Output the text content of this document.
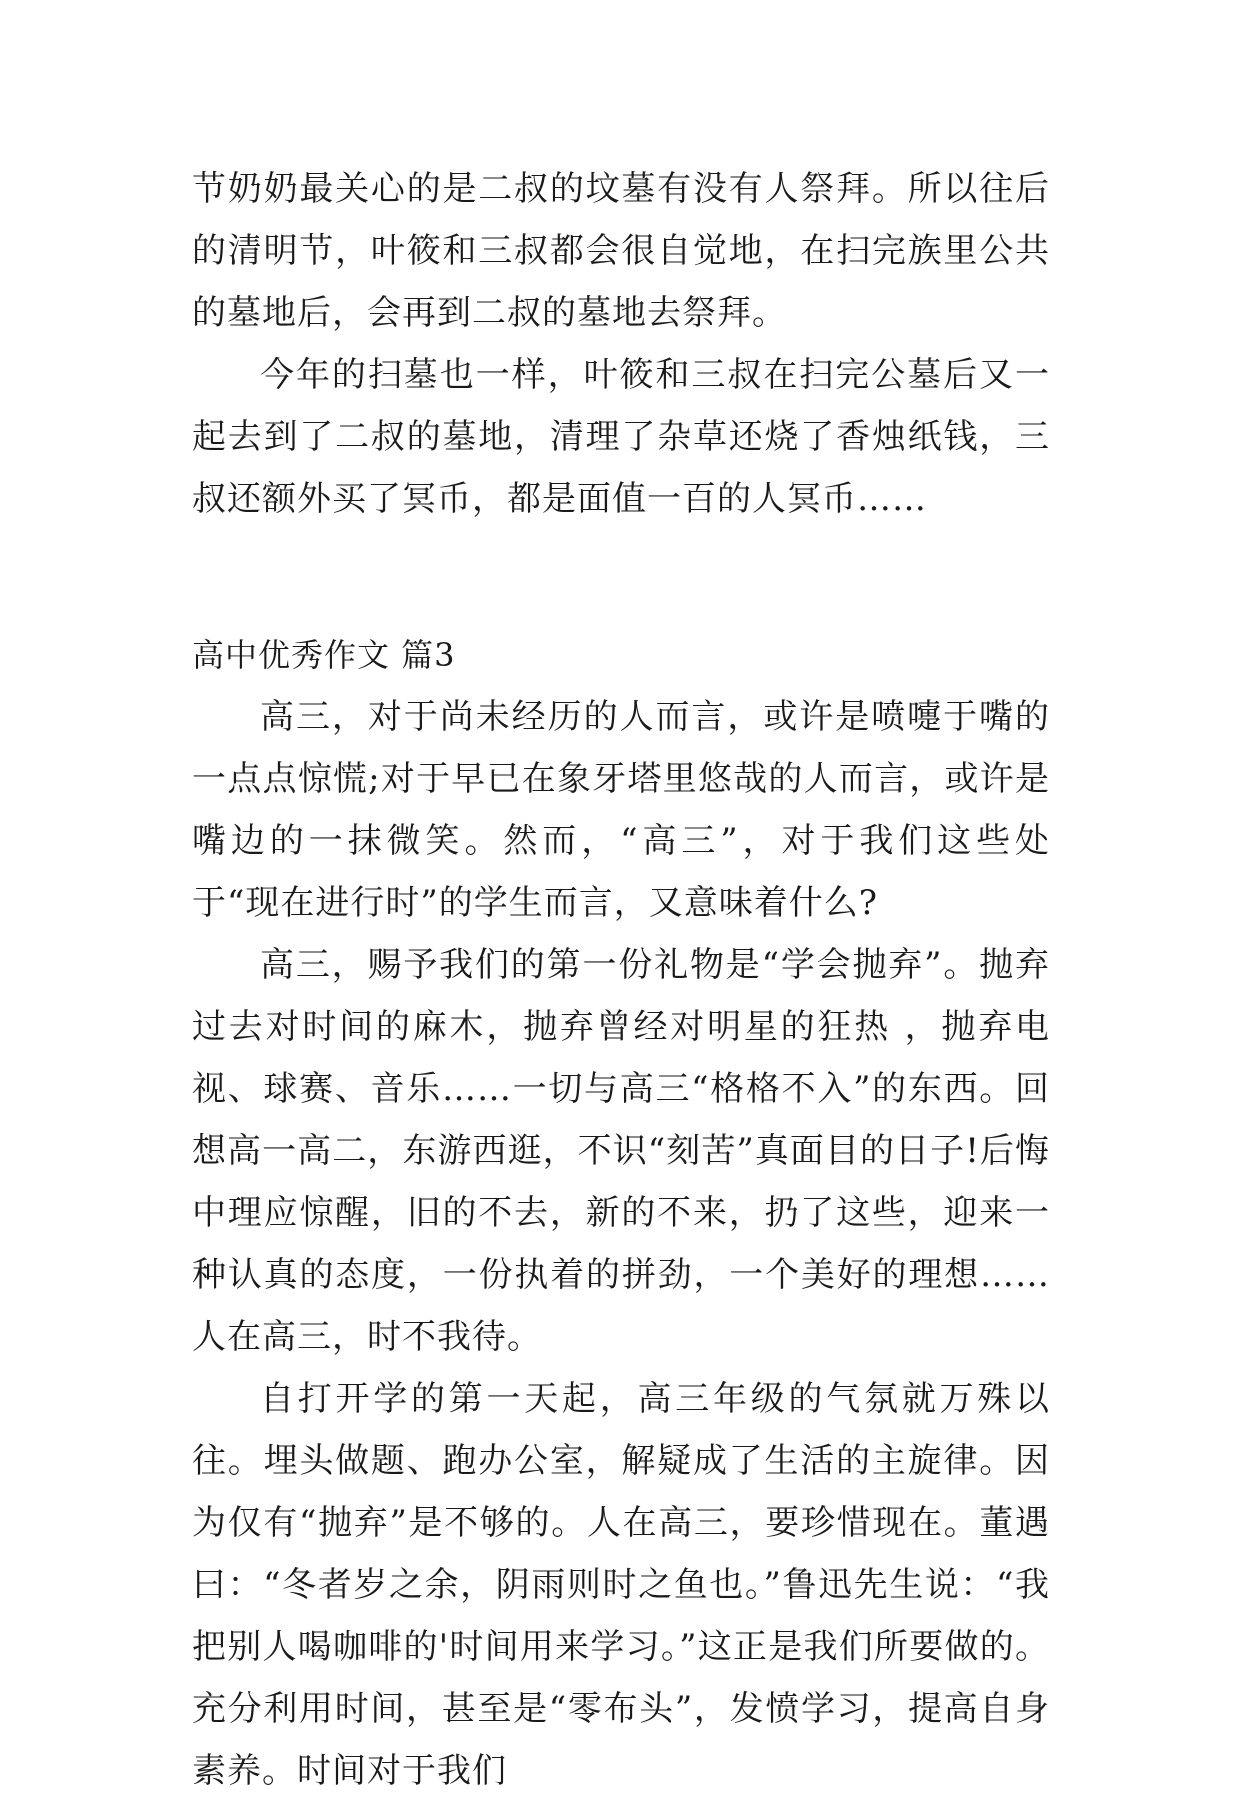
节奶奶最关心的是二叔的坟墓有没有人祭拜。所以往后的清明节，叶筱和三叔都会很自觉地，在扫完族里公共的墓地后，会再到二叔的墓地去祭拜。

今年的扫墓也一样，叶筱和三叔在扫完公墓后又一起去到了二叔的墓地，清理了杂草还烧了香烛纸钱，三叔还额外买了冥币，都是面值一百的人冥币……

高中优秀作文 篇3

高三，对于尚未经历的人而言，或许是喷嚏于嘴的一点点惊慌;对于早已在象牙塔里悠哉的人而言，或许是嘴边的一抹微笑。然而，“高三”，对于我们这些处于“现在进行时”的学生而言，又意味着什么?

高三，赐予我们的第一份礼物是“学会抛弃”。抛弃过去对时间的麻木，抛弃曾经对明星的狂热 ，抛弃电视、球赛、音乐……一切与高三“格格不入”的东西。回想高一高二，东游西逛，不识“刻苦”真面目的日子!后悔中理应惊醒，旧的不去，新的不来，扔了这些，迎来一种认真的态度，一份执着的拼劲，一个美好的理想……人在高三，时不我待。

自打开学的第一天起，高三年级的气氛就万殊以往。埋头做题、跑办公室，解疑成了生活的主旋律。因为仅有“抛弃”是不够的。人在高三，要珍惜现在。董遇曰：“冬者岁之余，阴雨则时之鱼也。”鲁迅先生说：“我把别人喝咖啡的'时间用来学习。”这正是我们所要做的。充分利用时间，甚至是“零布头”，发愤学习，提高自身素养。时间对于我们
